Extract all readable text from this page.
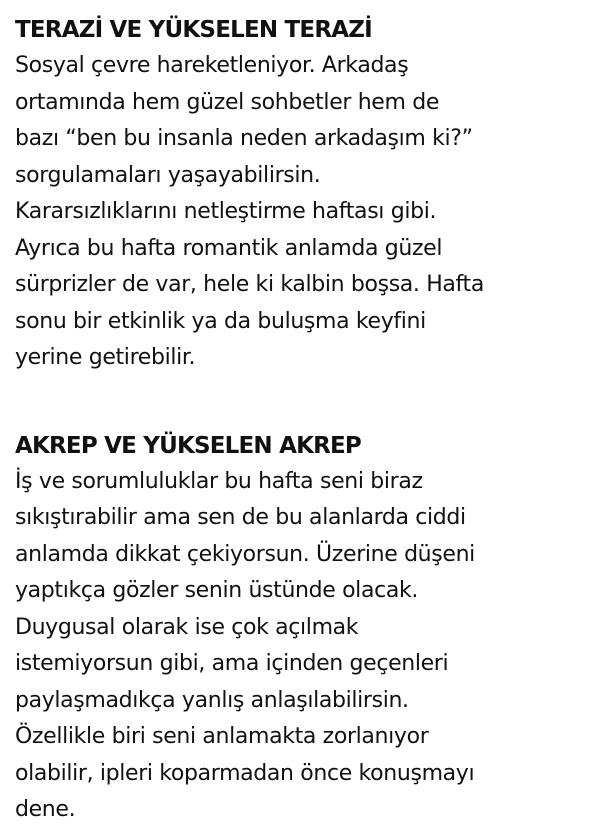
TERAZİ VE YÜKSELEN TERAZİ

Sosyal çevre hareketleniyor. Arkadaş
ortamında hem güzel sohbetler hem de
bazı “ben bu insanla neden arkadaşım ki?”
sorgulamaları yaşayabilirsin.
Kararsızlıklarını netleştirme haftası gibi.
Ayrıca bu hafta romantik anlamda güzel
sürprizler de var, hele ki kalbin boşsa. Hafta
sonu bir etkinlik ya da buluşma keyfini
yerine getirebilir.

AKREP VE YÜKSELEN AKREP

İş ve sorumluluklar bu hafta seni biraz
sıkıştırabilir ama sen de bu alanlarda ciddi
anlamda dikkat çekiyorsun. Üzerine düşeni
yaptıkça gözler senin üstünde olacak.
Duygusal olarak ise çok açılmak
istemiyorsun gibi, ama içinden geçenleri
paylaşmadıkça yanlış anlaşılabilirsin.
Özellikle biri seni anlamakta zorlanıyor
olabilir, ipleri koparmadan önce konuşmayı
dene.
